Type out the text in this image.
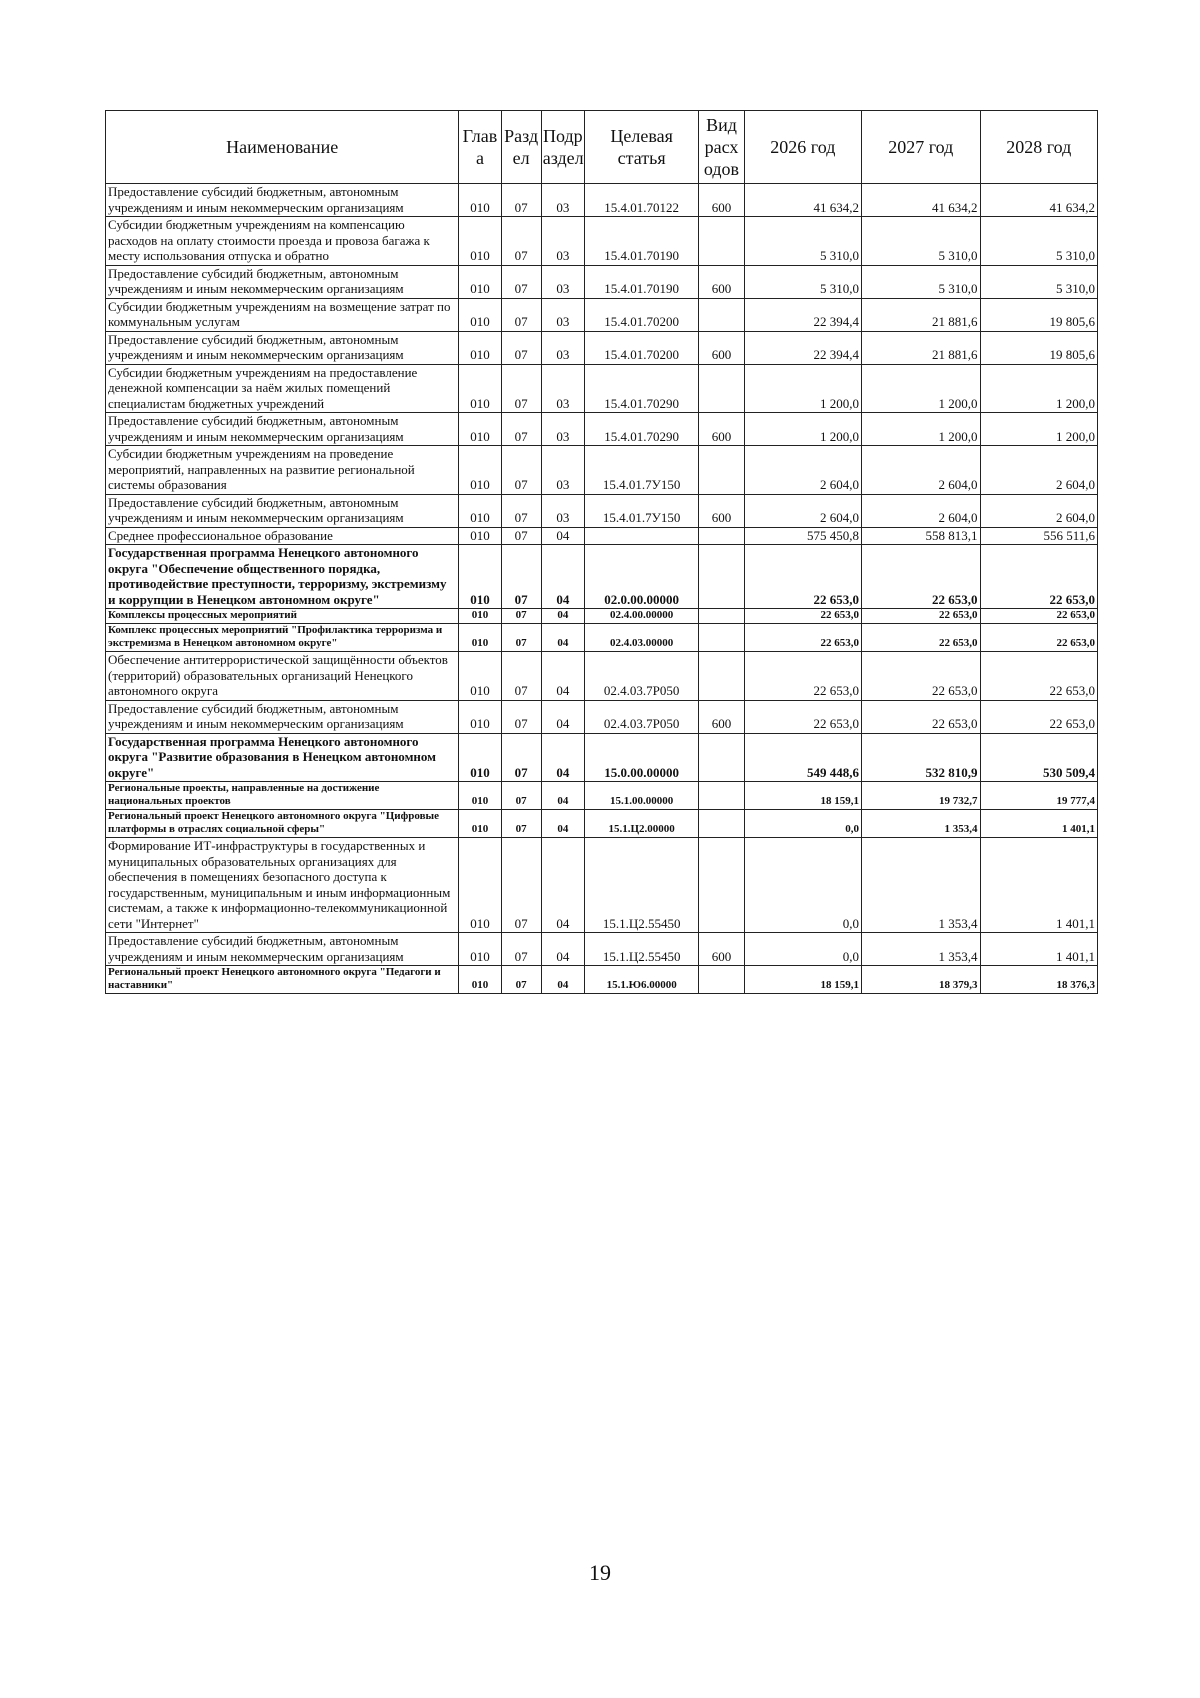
Наименование	Глав а	Разд ел	Подр аздел	Целевая статья	Вид расх одов	2026 год	2027 год	2028 год
Предоставление субсидий бюджетным, автономным учреждениям и иным некоммерческим организациям	010	07	03	15.4.01.70122	600	41 634,2	41 634,2	41 634,2
Субсидии бюджетным учреждениям на компенсацию расходов на оплату стоимости проезда и провоза багажа к месту использования отпуска и обратно	010	07	03	15.4.01.70190		5 310,0	5 310,0	5 310,0
Предоставление субсидий бюджетным, автономным учреждениям и иным некоммерческим организациям	010	07	03	15.4.01.70190	600	5 310,0	5 310,0	5 310,0
Субсидии бюджетным учреждениям на возмещение затрат по коммунальным услугам	010	07	03	15.4.01.70200		22 394,4	21 881,6	19 805,6
Предоставление субсидий бюджетным, автономным учреждениям и иным некоммерческим организациям	010	07	03	15.4.01.70200	600	22 394,4	21 881,6	19 805,6
Субсидии бюджетным учреждениям на предоставление денежной компенсации за наём жилых помещений специалистам бюджетных учреждений	010	07	03	15.4.01.70290		1 200,0	1 200,0	1 200,0
Предоставление субсидий бюджетным, автономным учреждениям и иным некоммерческим организациям	010	07	03	15.4.01.70290	600	1 200,0	1 200,0	1 200,0
Субсидии бюджетным учреждениям на проведение мероприятий, направленных на развитие региональной системы образования	010	07	03	15.4.01.7У150		2 604,0	2 604,0	2 604,0
Предоставление субсидий бюджетным, автономным учреждениям и иным некоммерческим организациям	010	07	03	15.4.01.7У150	600	2 604,0	2 604,0	2 604,0
Среднее профессиональное образование	010	07	04			575 450,8	558 813,1	556 511,6
Государственная программа Ненецкого автономного округа "Обеспечение общественного порядка, противодействие преступности, терроризму, экстремизму и коррупции в Ненецком автономном округе"	010	07	04	02.0.00.00000		22 653,0	22 653,0	22 653,0
Комплексы процессных мероприятий	010	07	04	02.4.00.00000		22 653,0	22 653,0	22 653,0
Комплекс процессных мероприятий "Профилактика терроризма и экстремизма в Ненецком автономном округе"	010	07	04	02.4.03.00000		22 653,0	22 653,0	22 653,0
Обеспечение антитеррористической защищённости объектов (территорий) образовательных организаций Ненецкого автономного округа	010	07	04	02.4.03.7Р050		22 653,0	22 653,0	22 653,0
Предоставление субсидий бюджетным, автономным учреждениям и иным некоммерческим организациям	010	07	04	02.4.03.7Р050	600	22 653,0	22 653,0	22 653,0
Государственная программа Ненецкого автономного округа "Развитие образования в Ненецком автономном округе"	010	07	04	15.0.00.00000		549 448,6	532 810,9	530 509,4
Региональные проекты, направленные на достижение национальных проектов	010	07	04	15.1.00.00000		18 159,1	19 732,7	19 777,4
Региональный проект Ненецкого автономного округа "Цифровые платформы в отраслях социальной сферы"	010	07	04	15.1.Ц2.00000		0,0	1 353,4	1 401,1
Формирование ИТ-инфраструктуры в государственных и муниципальных образовательных организациях для обеспечения в помещениях безопасного доступа к государственным, муниципальным и иным информационным системам, а также к информационно-телекоммуникационной сети "Интернет"	010	07	04	15.1.Ц2.55450		0,0	1 353,4	1 401,1
Предоставление субсидий бюджетным, автономным учреждениям и иным некоммерческим организациям	010	07	04	15.1.Ц2.55450	600	0,0	1 353,4	1 401,1
Региональный проект Ненецкого автономного округа "Педагоги и наставники"	010	07	04	15.1.Ю6.00000		18 159,1	18 379,3	18 376,3
19
